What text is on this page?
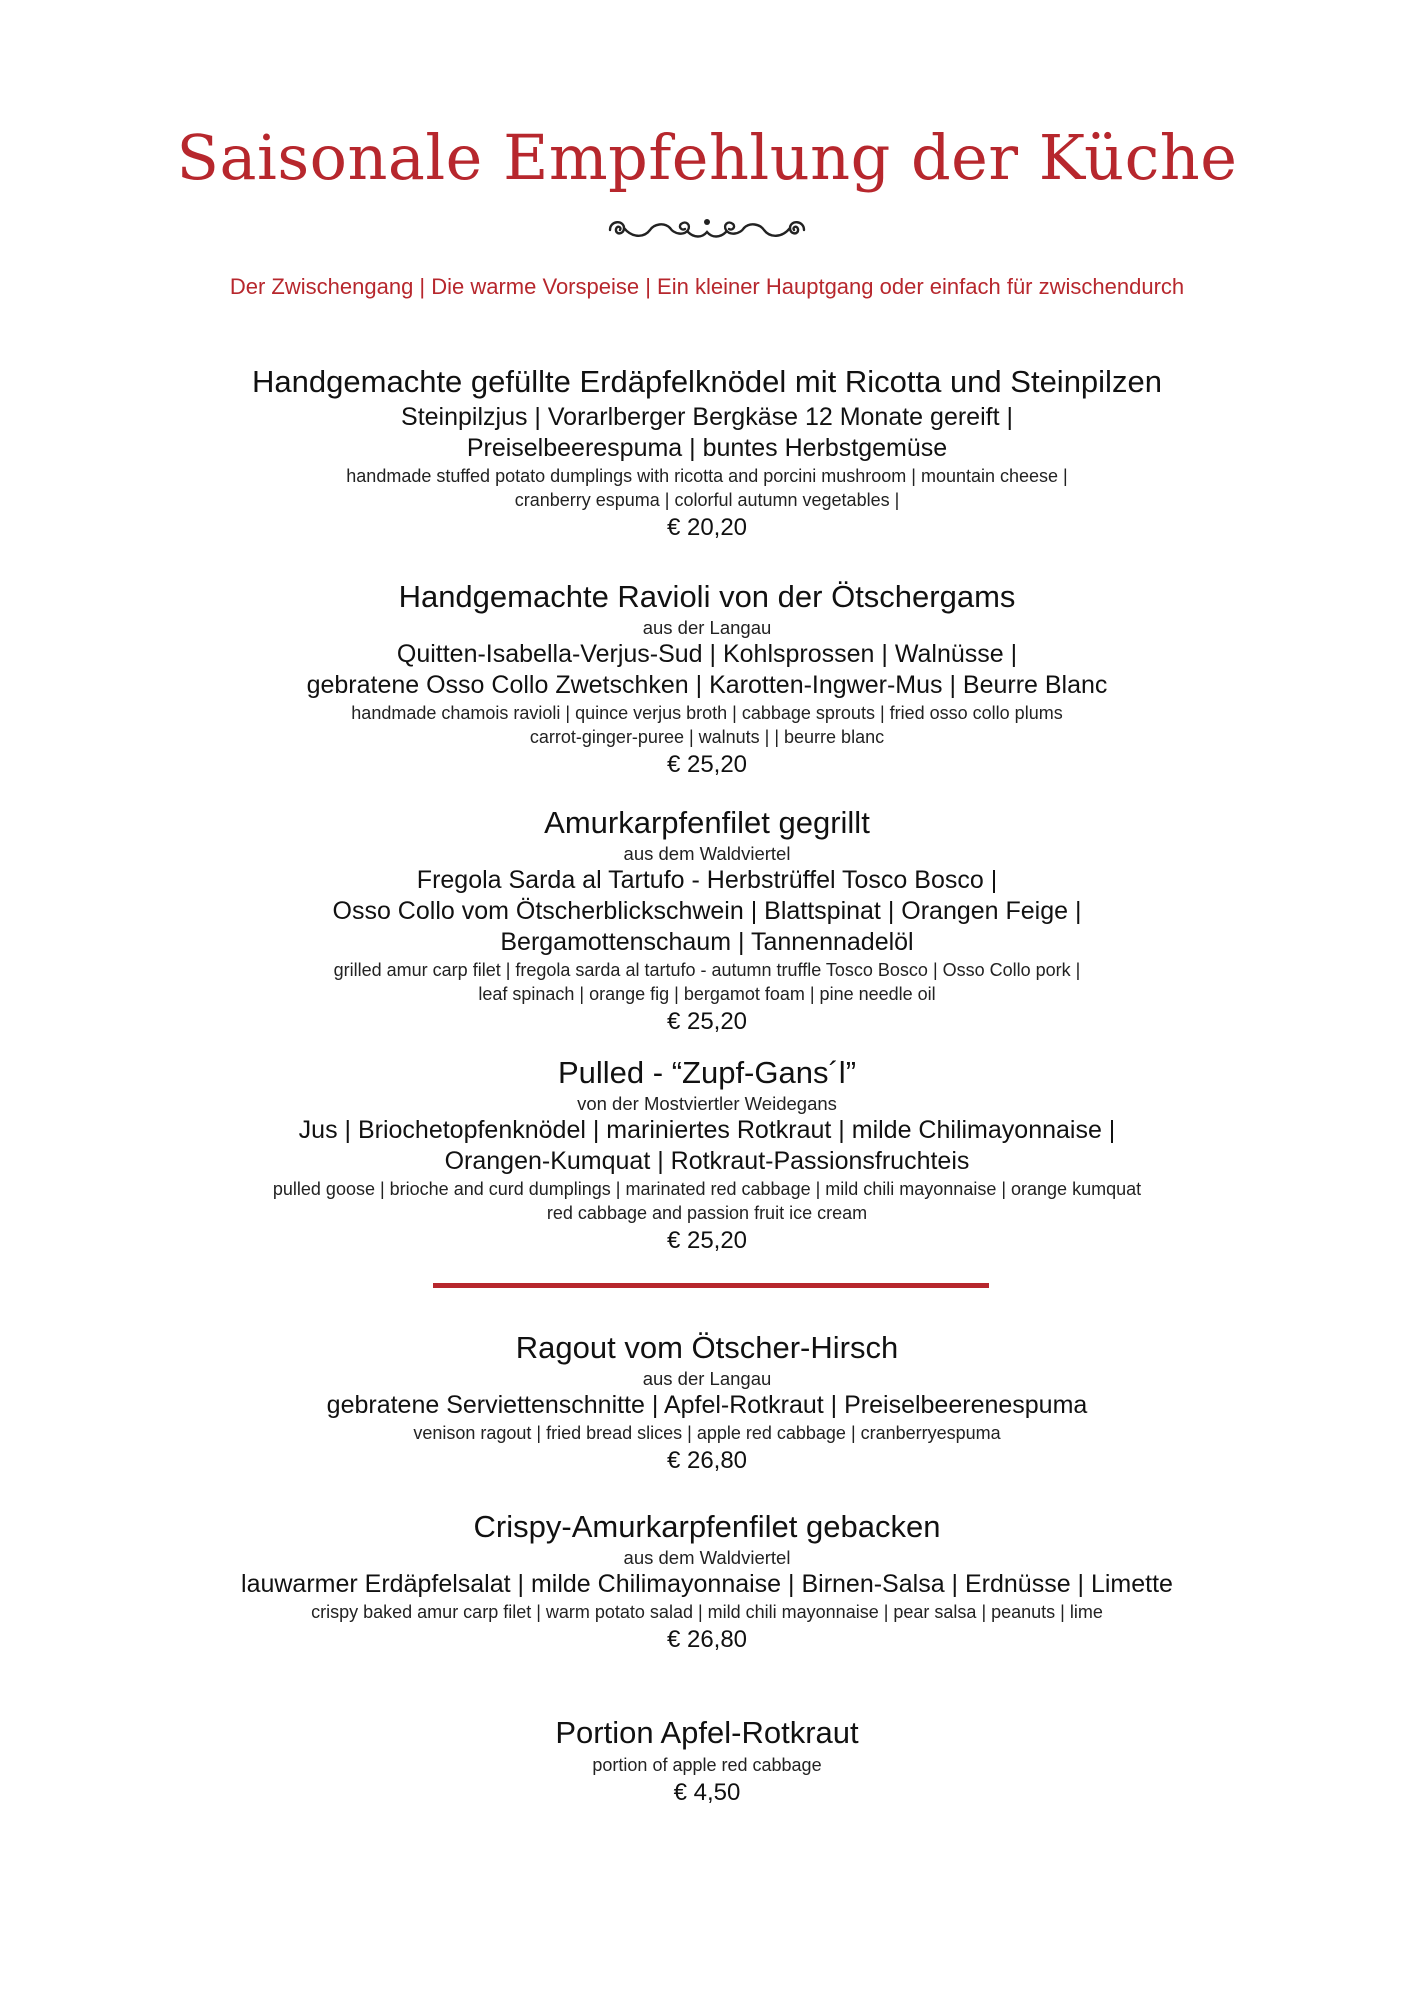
Saisonale Empfehlung der Küche
Der Zwischengang | Die warme Vorspeise | Ein kleiner Hauptgang oder einfach für zwischendurch
Handgemachte gefüllte Erdäpfelknödel mit Ricotta und Steinpilzen
Steinpilzjus | Vorarlberger Bergkäse 12 Monate gereift |
Preiselbeerespuma | buntes Herbstgemüse
handmade stuffed potato dumplings with ricotta and porcini mushroom | mountain cheese |
cranberry espuma | colorful autumn vegetables |
€ 20,20
Handgemachte Ravioli von der Ötschergams
aus der Langau
Quitten-Isabella-Verjus-Sud | Kohlsprossen | Walnüsse |
gebratene Osso Collo Zwetschken | Karotten-Ingwer-Mus | Beurre Blanc
handmade chamois ravioli | quince verjus broth | cabbage sprouts | fried osso collo plums
carrot-ginger-puree | walnuts | | beurre blanc
€ 25,20
Amurkarpfenfilet gegrillt
aus dem Waldviertel
Fregola Sarda al Tartufo - Herbstrüffel Tosco Bosco |
Osso Collo vom Ötscherblickschwein | Blattspinat | Orangen Feige |
Bergamottenschaum | Tannennadelöl
grilled amur carp filet | fregola sarda al tartufo - autumn truffle Tosco Bosco | Osso Collo pork |
leaf spinach | orange fig | bergamot foam | pine needle oil
€ 25,20
Pulled - “Zupf-Gans´l”
von der Mostviertler Weidegans
Jus | Briochetopfenknödel | mariniertes Rotkraut | milde Chilimayonnaise |
Orangen-Kumquat | Rotkraut-Passionsfruchteis
pulled goose | brioche and curd dumplings | marinated red cabbage | mild chili mayonnaise | orange kumquat
red cabbage and passion fruit ice cream
€ 25,20
Ragout vom Ötscher-Hirsch
aus der Langau
gebratene Serviettenschnitte | Apfel-Rotkraut | Preiselbeerenespuma
venison ragout | fried bread slices | apple red cabbage | cranberryespuma
€ 26,80
Crispy-Amurkarpfenfilet gebacken
aus dem Waldviertel
lauwarmer Erdäpfelsalat | milde Chilimayonnaise | Birnen-Salsa | Erdnüsse | Limette
crispy baked amur carp filet | warm potato salad | mild chili mayonnaise | pear salsa | peanuts | lime
€ 26,80
Portion Apfel-Rotkraut
portion of apple red cabbage
€ 4,50
